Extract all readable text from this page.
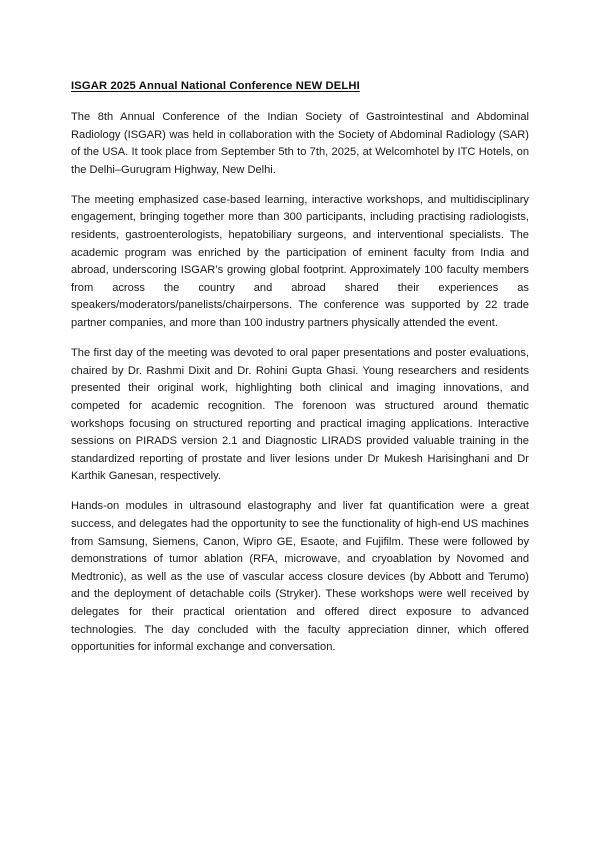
ISGAR 2025 Annual National Conference NEW DELHI

The 8th Annual Conference of the Indian Society of Gastrointestinal and Abdominal Radiology (ISGAR) was held in collaboration with the Society of Abdominal Radiology (SAR) of the USA. It took place from September 5th to 7th, 2025, at Welcomhotel by ITC Hotels, on the Delhi–Gurugram Highway, New Delhi.

The meeting emphasized case-based learning, interactive workshops, and multidisciplinary engagement, bringing together more than 300 participants, including practising radiologists, residents, gastroenterologists, hepatobiliary surgeons, and interventional specialists. The academic program was enriched by the participation of eminent faculty from India and abroad, underscoring ISGAR’s growing global footprint. Approximately 100 faculty members from across the country and abroad shared their experiences as speakers/moderators/panelists/chairpersons. The conference was supported by 22 trade partner companies, and more than 100 industry partners physically attended the event.

The first day of the meeting was devoted to oral paper presentations and poster evaluations, chaired by Dr. Rashmi Dixit and Dr. Rohini Gupta Ghasi. Young researchers and residents presented their original work, highlighting both clinical and imaging innovations, and competed for academic recognition. The forenoon was structured around thematic workshops focusing on structured reporting and practical imaging applications. Interactive sessions on PIRADS version 2.1 and Diagnostic LIRADS provided valuable training in the standardized reporting of prostate and liver lesions under Dr Mukesh Harisinghani and Dr Karthik Ganesan, respectively.

Hands-on modules in ultrasound elastography and liver fat quantification were a great success, and delegates had the opportunity to see the functionality of high-end US machines from Samsung, Siemens, Canon, Wipro GE, Esaote, and Fujifilm. These were followed by demonstrations of tumor ablation (RFA, microwave, and cryoablation by Novomed and Medtronic), as well as the use of vascular access closure devices (by Abbott and Terumo) and the deployment of detachable coils (Stryker). These workshops were well received by delegates for their practical orientation and offered direct exposure to advanced technologies. The day concluded with the faculty appreciation dinner, which offered opportunities for informal exchange and conversation.
